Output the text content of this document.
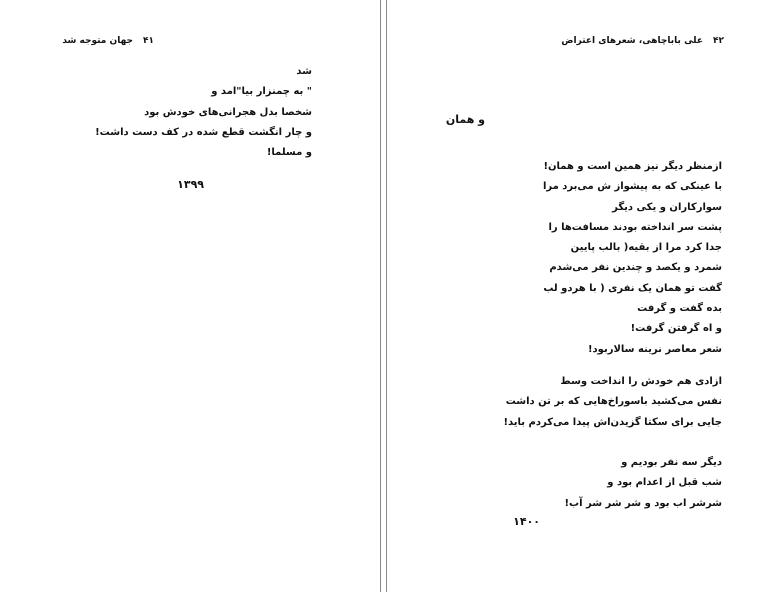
۴۱جهان متوجه شد
شد
" به چمنزار بیا"امد و
شخصا بدل هجرانی‌های خودش بود
و چار انگشت قطع شده در کف دست داشت!
و مسلما!
۱۳۹۹
۴۲علی باباچاهی، شعرهای اعتراض
و همان
ازمنظر دیگر نیز همین است و همان!
با عینکی که به پیشواز ش می‌برد مرا
سوارکاران و یکی دیگر
پشت سر انداخته بودند مسافت‌ها را
جدا کرد مرا از بقیه( بالب پایین
شمرد و یکصد و چندین نفر می‌شدم
گفت تو همان یک نفری ( با هردو لب
بده گفت و گرفت
و اه گرفتن گرفت!
شعر معاصر نرینه سالاربود!
ازادی هم خودش را انداخت وسط
نفس می‌کشید باسوراخ‌هایی که بر تن داشت
جایی برای سکتا گزیدن‌اش پیدا می‌کردم باید!
دیگر سه نفر بودیم و
شب قبل از اعدام بود و
شرشر اب بود و شر شر شر آب!
۱۴۰۰
